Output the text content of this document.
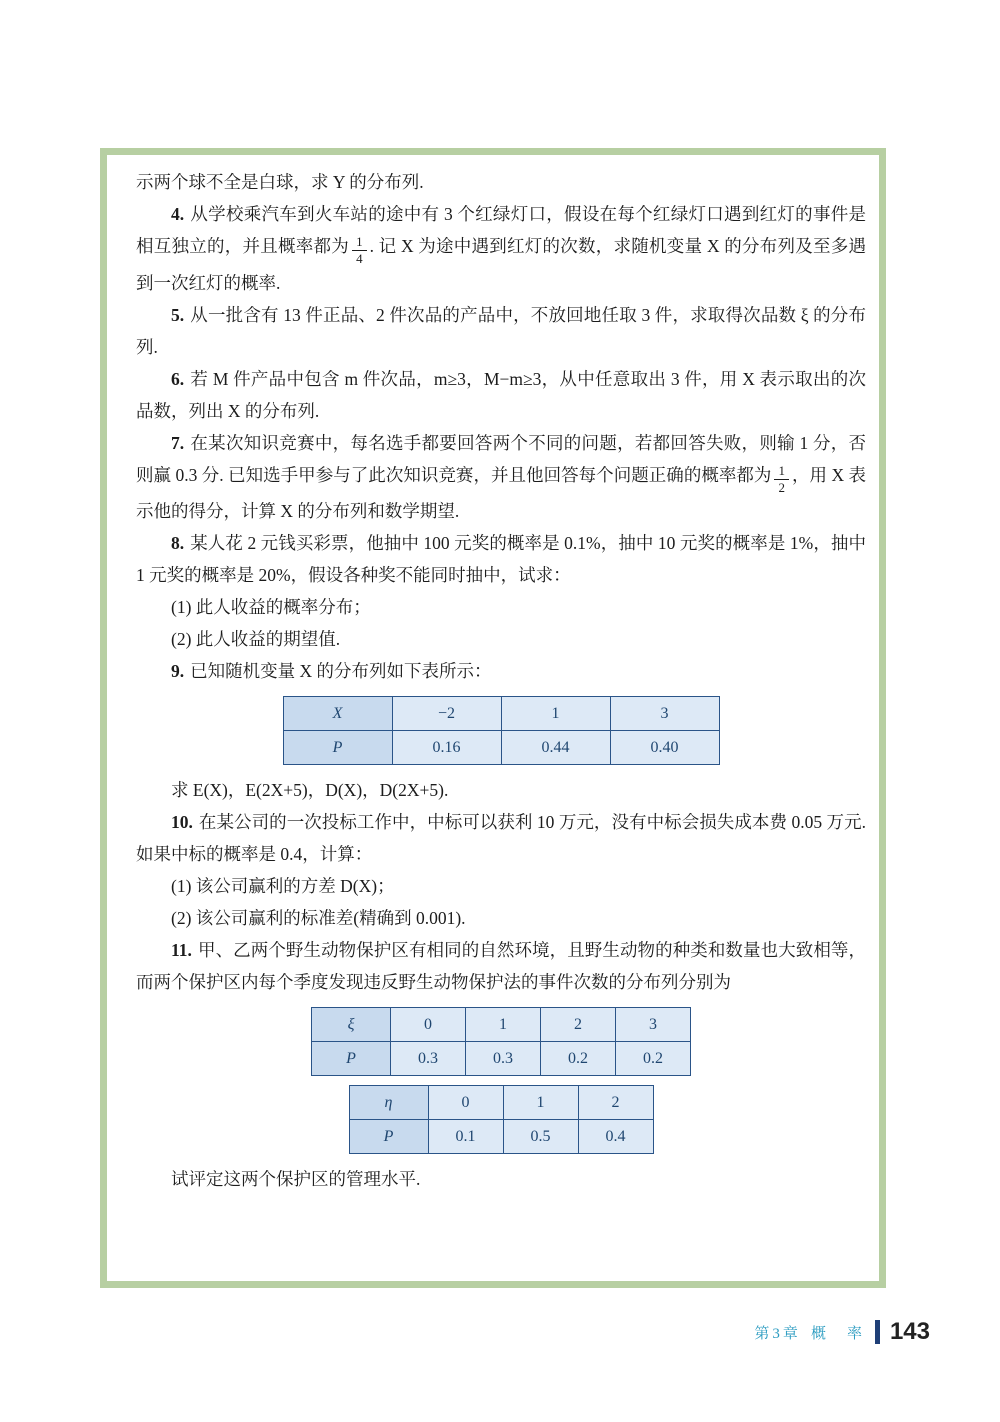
示两个球不全是白球，求 Y 的分布列.

4. 从学校乘汽车到火车站的途中有 3 个红绿灯口，假设在每个红绿灯口遇到红灯的事件是相互独立的，并且概率都为 $\frac{1}{4}$ . 记 X 为途中遇到红灯的次数，求随机变量 X 的分布列及至多遇到一次红灯的概率.

5. 从一批含有 13 件正品、2 件次品的产品中，不放回地任取 3 件，求取得次品数 ξ 的分布列.

6. 若 M 件产品中包含 m 件次品，m≥3，M−m≥3，从中任意取出 3 件，用 X 表示取出的次品数，列出 X 的分布列.

7. 在某次知识竞赛中，每名选手都要回答两个不同的问题，若都回答失败，则输 1 分，否则赢 0.3 分. 已知选手甲参与了此次知识竞赛，并且他回答每个问题正确的概率都为 $\frac{1}{2}$ ，用 X 表示他的得分，计算 X 的分布列和数学期望.

8. 某人花 2 元钱买彩票，他抽中 100 元奖的概率是 0.1%，抽中 10 元奖的概率是 1%，抽中 1 元奖的概率是 20%，假设各种奖不能同时抽中，试求：

(1) 此人收益的概率分布；

(2) 此人收益的期望值.

9. 已知随机变量 X 的分布列如下表所示：

X	−2	1	3
P	0.16	0.44	0.40

求 E(X)，E(2X+5)，D(X)，D(2X+5).

10. 在某公司的一次投标工作中，中标可以获利 10 万元，没有中标会损失成本费 0.05 万元. 如果中标的概率是 0.4，计算：

(1) 该公司赢利的方差 D(X)；

(2) 该公司赢利的标准差(精确到 0.001).

11. 甲、乙两个野生动物保护区有相同的自然环境，且野生动物的种类和数量也大致相等，而两个保护区内每个季度发现违反野生动物保护法的事件次数的分布列分别为

ξ	0	1	2	3
P	0.3	0.3	0.2	0.2
η	0	1	2
P	0.1	0.5	0.4

试评定这两个保护区的管理水平.

第3章 概　率 143
